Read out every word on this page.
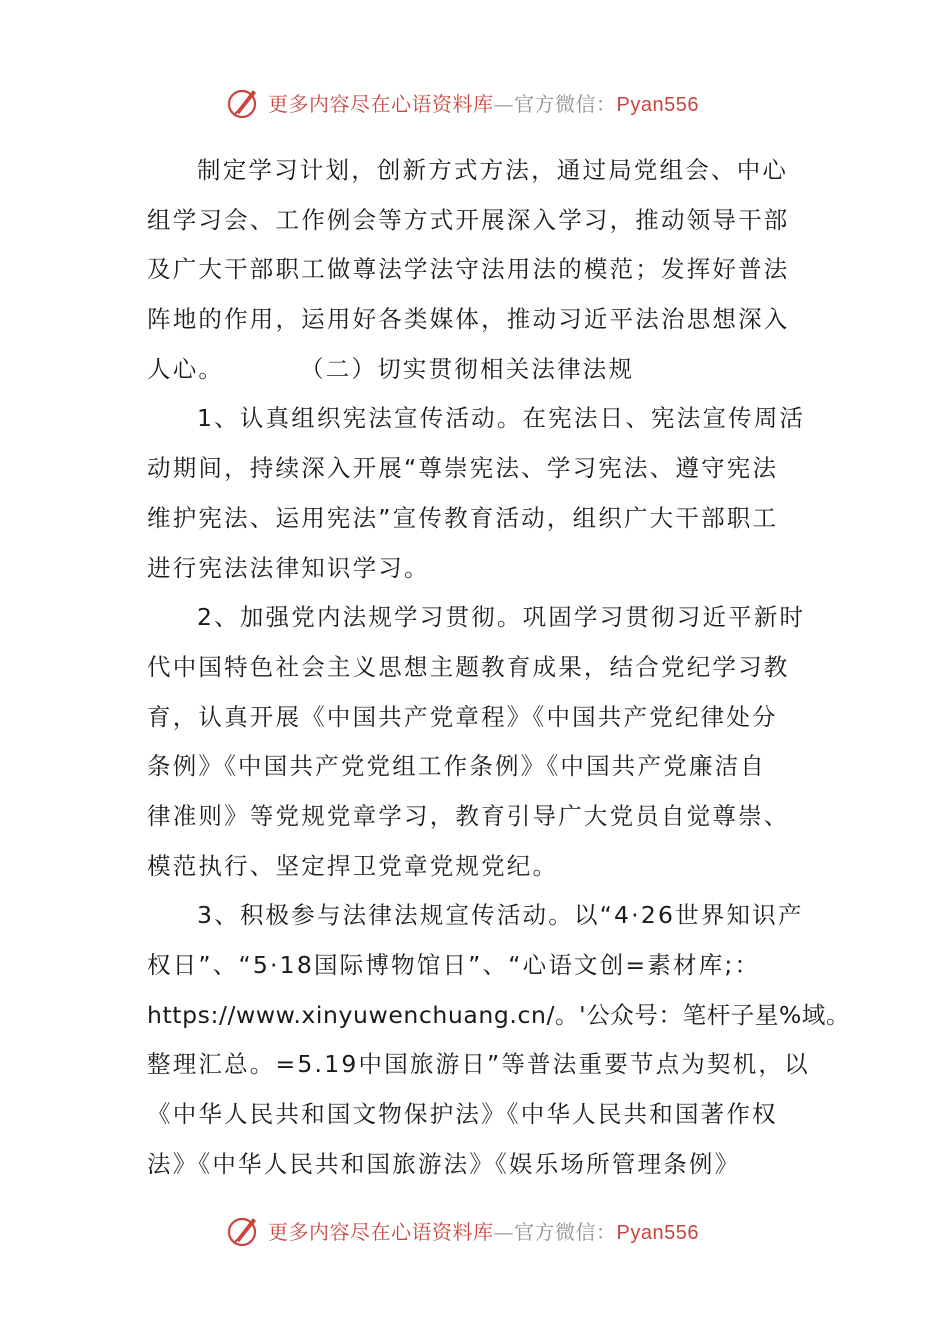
更多内容尽在心语资料库—官方微信：Pyan556
制定学习计划，创新方式方法，通过局党组会、中心
组学习会、工作例会等方式开展深入学习，推动领导干部
及广大干部职工做尊法学法守法用法的模范；发挥好普法
阵地的作用，运用好各类媒体，推动习近平法治思想深入
人心。	（二）切实贯彻相关法律法规
1、认真组织宪法宣传活动。在宪法日、宪法宣传周活
动期间，持续深入开展“尊崇宪法、学习宪法、遵守宪法
维护宪法、运用宪法”宣传教育活动，组织广大干部职工
进行宪法法律知识学习。
2、加强党内法规学习贯彻。巩固学习贯彻习近平新时
代中国特色社会主义思想主题教育成果，结合党纪学习教
育，认真开展《中国共产党章程》《中国共产党纪律处分
条例》《中国共产党党组工作条例》《中国共产党廉洁自
律准则》等党规党章学习，教育引导广大党员自觉尊崇、
模范执行、坚定捍卫党章党规党纪。
3、积极参与法律法规宣传活动。以“4·26世界知识产
权日”、“5·18国际博物馆日”、“心语文创=素材库;：
https://www.xinyuwenchuang.cn/。'公众号：笔杆子星%域。
整理汇总。=5.19中国旅游日”等普法重要节点为契机，以
《中华人民共和国文物保护法》《中华人民共和国著作权
法》《中华人民共和国旅游法》《娱乐场所管理条例》
更多内容尽在心语资料库—官方微信：Pyan556
